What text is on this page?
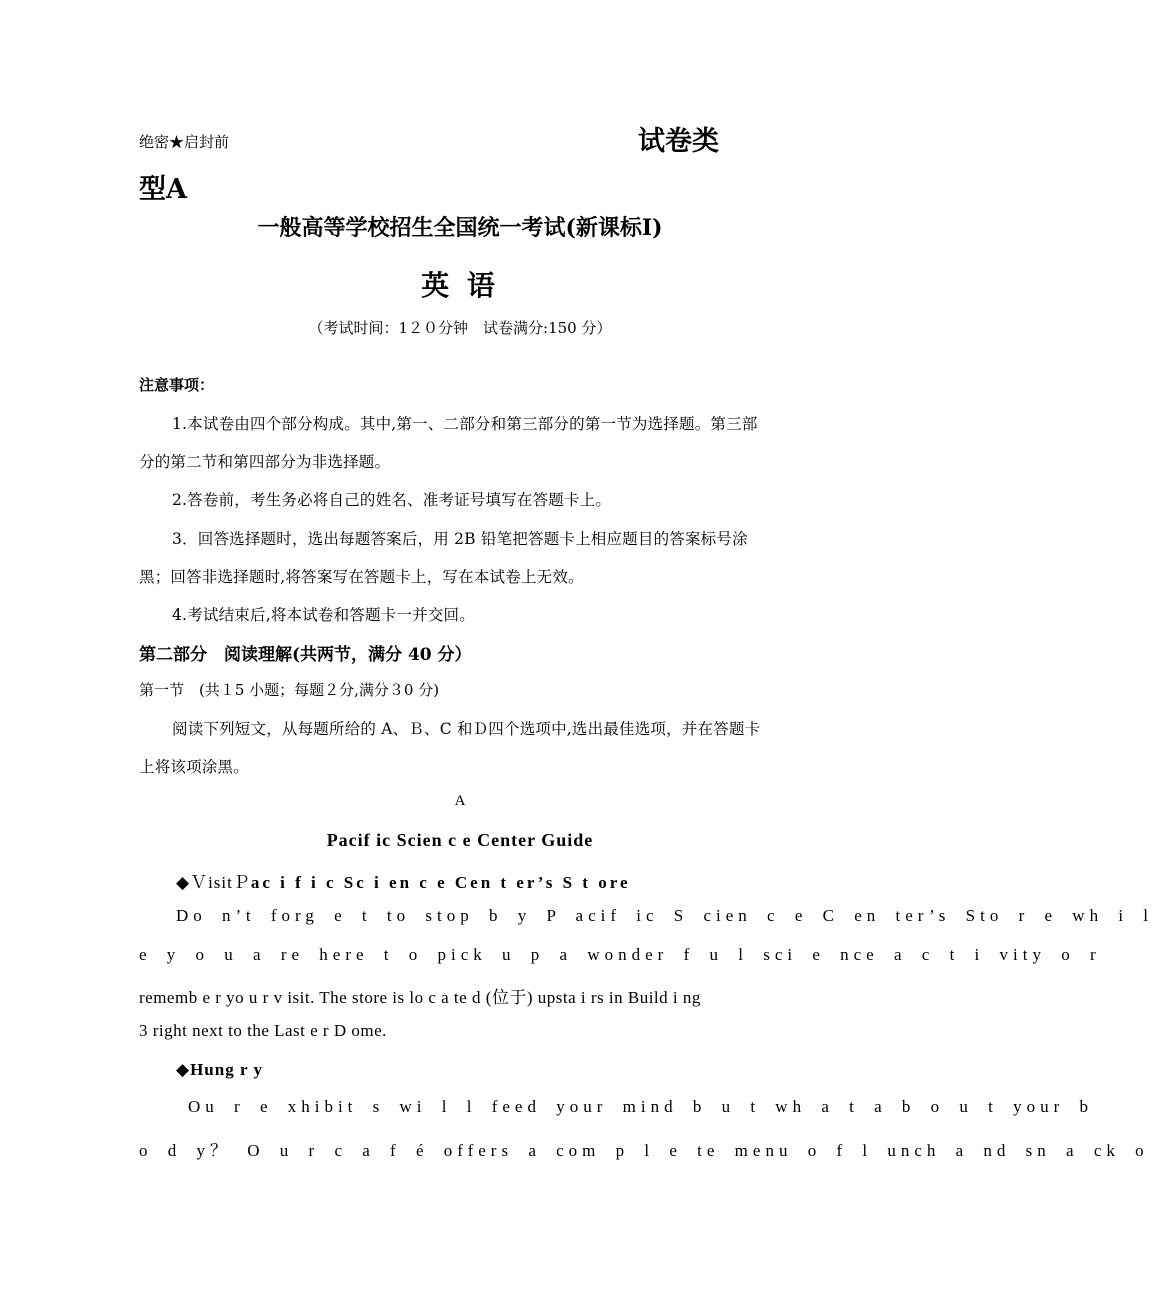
绝密★启封前	试卷类
型A
一般高等学校招生全国统一考试(新课标Ⅰ)
英 语
（考试时间：1２０分钟　试卷满分:150 分）
注意事项：
1.本试卷由四个部分构成。其中,第一、二部分和第三部分的第一节为选择题。第三部
分的第二节和第四部分为非选择题。
2.答卷前，考生务必将自己的姓名、准考证号填写在答题卡上。
3．回答选择题时，选出每题答案后，用 2B 铅笔把答题卡上相应题目的答案标号涂
黑；回答非选择题时,将答案写在答题卡上，写在本试卷上无效。
4.考试结束后,将本试卷和答题卡一并交回。
第二部分　阅读理解(共两节，满分 40 分）
第一节　(共１5 小题；每题２分,满分３0 分)
阅读下列短文，从每题所给的 A、Ｂ、C 和Ｄ四个选项中,选出最佳选项，并在答题卡
上将该项涂黑。
A
Pacif ic Scien c e Center Guide
◆ＶisitＰac i f i c Sc i en c e Cen t er’s S t ore
Do n’t forg e t to stop b y P acif ic S cien c e C en ter’s Sto r e wh i l
e y o u a re here t o pick u p a wonder f u l sci e nce a c t i vity o r
rememb e r yo u r v isit. The store is lo c a te d (位于) upsta i rs in Build i ng
3 right next to the Last e r D ome.
◆Hung r y
Ou r e xhibit s wi l l feed your mind b u t wh a t a b o u t your b
o d y？ O u r c a f é offers a com p l e te menu o f l unch a nd sn a ck o
